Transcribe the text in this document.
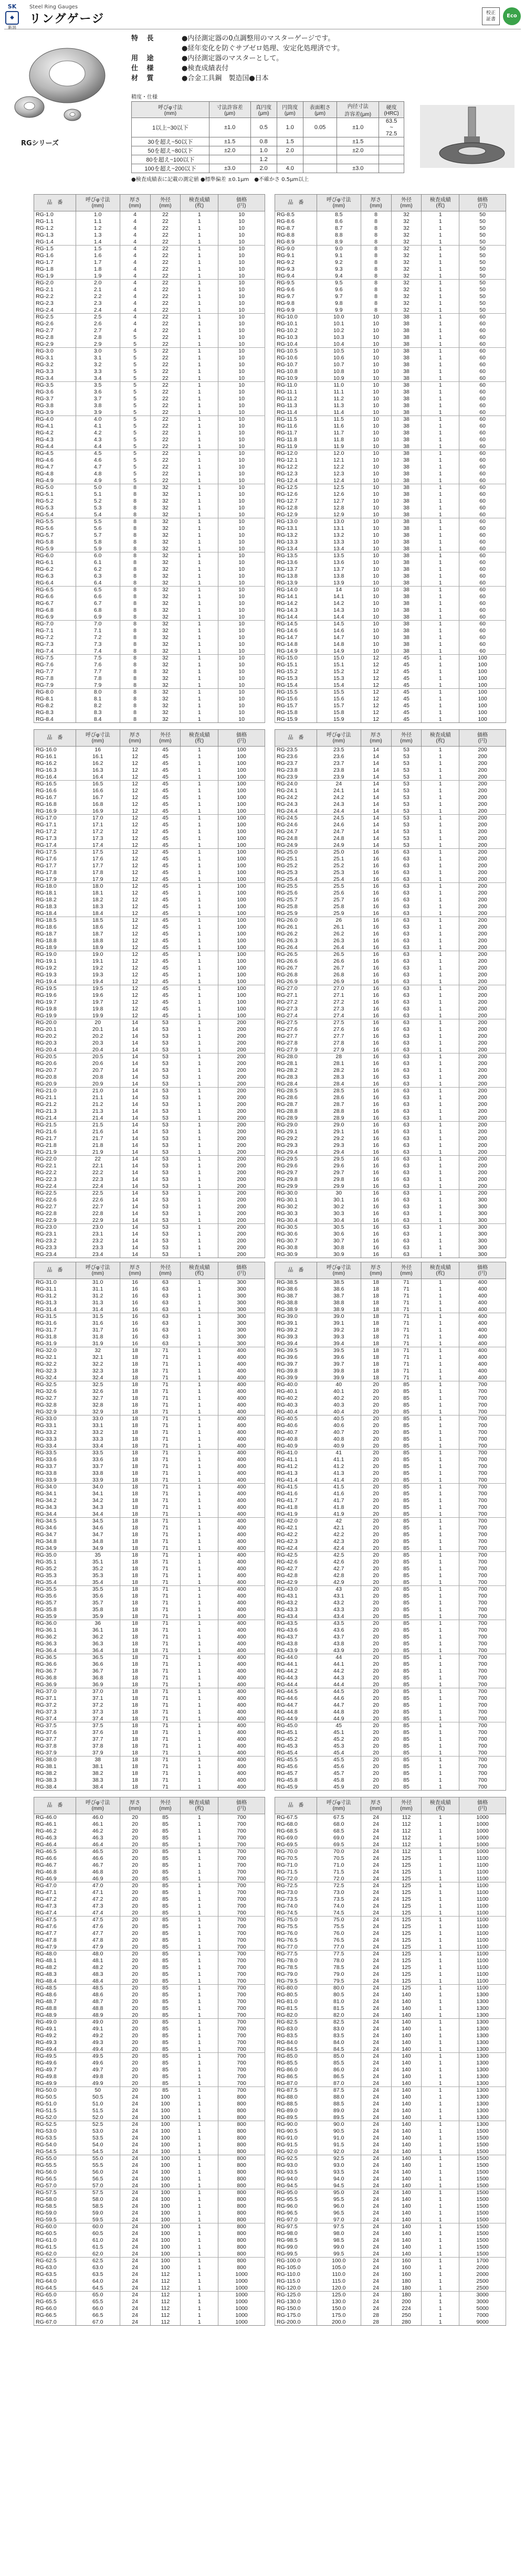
SK
◆
新潟
Steel Ring Gauges
リングゲージ	校正
証書
Eco
RGシリーズ
特 長	●内径測定器の0点調整用のマスターゲージです。
●経年変化を防ぐサブゼロ処理、安定化処理済です。
用 途	●内径測定器のマスターとして。
仕 様	●検査成績表付
材 質	●合金工具鋼　製造国●日本
精度・仕様
呼びφ寸法
(mm)	寸法許容差
(μm)	真円度
(μm)	円筒度
(μm)	表面粗さ
(μm)	内径寸法
許容差(μm)	硬度
(HRC)
1以上~30以下	±1.0	0.5	1.0	0.05	±1.0	63.5
~
72.5
30を超え~50以下	±1.5	0.8	1.5		±1.5	
50を超え~80以下	±2.0	1.0	2.0		±2.0	
80を超え~100以下		1.2				
100を超え~200以下	±3.0	2.0	4.0		±3.0	
●検査成績表に記載の測定値 ●標準偏差 ±0.1μm　●不確かさ 0.5μm以上
品　番	呼びφ寸法
(mm)	厚さ
(mm)	外径
(mm)	検査成績
(枚)	価格
(円)
RG-1.0	1.0	4	22	1	10
RG-1.1	1.1	4	22	1	10
RG-1.2	1.2	4	22	1	10
RG-1.3	1.3	4	22	1	10
RG-1.4	1.4	4	22	1	10
RG-1.5	1.5	4	22	1	10
RG-1.6	1.6	4	22	1	10
RG-1.7	1.7	4	22	1	10
RG-1.8	1.8	4	22	1	10
RG-1.9	1.9	4	22	1	10
RG-2.0	2.0	4	22	1	10
RG-2.1	2.1	4	22	1	10
RG-2.2	2.2	4	22	1	10
RG-2.3	2.3	4	22	1	10
RG-2.4	2.4	4	22	1	10
RG-2.5	2.5	4	22	1	10
RG-2.6	2.6	4	22	1	10
RG-2.7	2.7	4	22	1	10
RG-2.8	2.8	5	22	1	10
RG-2.9	2.9	5	22	1	10
RG-3.0	3.0	5	22	1	10
RG-3.1	3.1	5	22	1	10
RG-3.2	3.2	5	22	1	10
RG-3.3	3.3	5	22	1	10
RG-3.4	3.4	5	22	1	10
RG-3.5	3.5	5	22	1	10
RG-3.6	3.6	5	22	1	10
RG-3.7	3.7	5	22	1	10
RG-3.8	3.8	5	22	1	10
RG-3.9	3.9	5	22	1	10
RG-4.0	4.0	5	22	1	10
RG-4.1	4.1	5	22	1	10
RG-4.2	4.2	5	22	1	10
RG-4.3	4.3	5	22	1	10
RG-4.4	4.4	5	22	1	10
RG-4.5	4.5	5	22	1	10
RG-4.6	4.6	5	22	1	10
RG-4.7	4.7	5	22	1	10
RG-4.8	4.8	5	22	1	10
RG-4.9	4.9	5	22	1	10
RG-5.0	5.0	8	32	1	10
RG-5.1	5.1	8	32	1	10
RG-5.2	5.2	8	32	1	10
RG-5.3	5.3	8	32	1	10
RG-5.4	5.4	8	32	1	10
RG-5.5	5.5	8	32	1	10
RG-5.6	5.6	8	32	1	10
RG-5.7	5.7	8	32	1	10
RG-5.8	5.8	8	32	1	10
RG-5.9	5.9	8	32	1	10
RG-6.0	6.0	8	32	1	10
RG-6.1	6.1	8	32	1	10
RG-6.2	6.2	8	32	1	10
RG-6.3	6.3	8	32	1	10
RG-6.4	6.4	8	32	1	10
RG-6.5	6.5	8	32	1	10
RG-6.6	6.6	8	32	1	10
RG-6.7	6.7	8	32	1	10
RG-6.8	6.8	8	32	1	10
RG-6.9	6.9	8	32	1	10
RG-7.0	7.0	8	32	1	10
RG-7.1	7.1	8	32	1	10
RG-7.2	7.2	8	32	1	10
RG-7.3	7.3	8	32	1	10
RG-7.4	7.4	8	32	1	10
RG-7.5	7.5	8	32	1	10
RG-7.6	7.6	8	32	1	10
RG-7.7	7.7	8	32	1	10
RG-7.8	7.8	8	32	1	10
RG-7.9	7.9	8	32	1	10
RG-8.0	8.0	8	32	1	10
RG-8.1	8.1	8	32	1	10
RG-8.2	8.2	8	32	1	10
RG-8.3	8.3	8	32	1	10
RG-8.4	8.4	8	32	1	10
品　番	呼びφ寸法
(mm)	厚さ
(mm)	外径
(mm)	検査成績
(枚)	価格
(円)
RG-8.5	8.5	8	32	1	50
RG-8.6	8.6	8	32	1	50
RG-8.7	8.7	8	32	1	50
RG-8.8	8.8	8	32	1	50
RG-8.9	8.9	8	32	1	50
RG-9.0	9.0	8	32	1	50
RG-9.1	9.1	8	32	1	50
RG-9.2	9.2	8	32	1	50
RG-9.3	9.3	8	32	1	50
RG-9.4	9.4	8	32	1	50
RG-9.5	9.5	8	32	1	50
RG-9.6	9.6	8	32	1	50
RG-9.7	9.7	8	32	1	50
RG-9.8	9.8	8	32	1	50
RG-9.9	9.9	8	32	1	50
RG-10.0	10.0	10	38	1	60
RG-10.1	10.1	10	38	1	60
RG-10.2	10.2	10	38	1	60
RG-10.3	10.3	10	38	1	60
RG-10.4	10.4	10	38	1	60
RG-10.5	10.5	10	38	1	60
RG-10.6	10.6	10	38	1	60
RG-10.7	10.7	10	38	1	60
RG-10.8	10.8	10	38	1	60
RG-10.9	10.9	10	38	1	60
RG-11.0	11.0	10	38	1	60
RG-11.1	11.1	10	38	1	60
RG-11.2	11.2	10	38	1	60
RG-11.3	11.3	10	38	1	60
RG-11.4	11.4	10	38	1	60
RG-11.5	11.5	10	38	1	60
RG-11.6	11.6	10	38	1	60
RG-11.7	11.7	10	38	1	60
RG-11.8	11.8	10	38	1	60
RG-11.9	11.9	10	38	1	60
RG-12.0	12.0	10	38	1	60
RG-12.1	12.1	10	38	1	60
RG-12.2	12.2	10	38	1	60
RG-12.3	12.3	10	38	1	60
RG-12.4	12.4	10	38	1	60
RG-12.5	12.5	10	38	1	60
RG-12.6	12.6	10	38	1	60
RG-12.7	12.7	10	38	1	60
RG-12.8	12.8	10	38	1	60
RG-12.9	12.9	10	38	1	60
RG-13.0	13.0	10	38	1	60
RG-13.1	13.1	10	38	1	60
RG-13.2	13.2	10	38	1	60
RG-13.3	13.3	10	38	1	60
RG-13.4	13.4	10	38	1	60
RG-13.5	13.5	10	38	1	60
RG-13.6	13.6	10	38	1	60
RG-13.7	13.7	10	38	1	60
RG-13.8	13.8	10	38	1	60
RG-13.9	13.9	10	38	1	60
RG-14.0	14	10	38	1	60
RG-14.1	14.1	10	38	1	60
RG-14.2	14.2	10	38	1	60
RG-14.3	14.3	10	38	1	60
RG-14.4	14.4	10	38	1	60
RG-14.5	14.5	10	38	1	60
RG-14.6	14.6	10	38	1	60
RG-14.7	14.7	10	38	1	60
RG-14.8	14.8	10	38	1	60
RG-14.9	14.9	10	38	1	60
RG-15.0	15.0	12	45	1	100
RG-15.1	15.1	12	45	1	100
RG-15.2	15.2	12	45	1	100
RG-15.3	15.3	12	45	1	100
RG-15.4	15.4	12	45	1	100
RG-15.5	15.5	12	45	1	100
RG-15.6	15.6	12	45	1	100
RG-15.7	15.7	12	45	1	100
RG-15.8	15.8	12	45	1	100
RG-15.9	15.9	12	45	1	100
品　番	呼びφ寸法
(mm)	厚さ
(mm)	外径
(mm)	検査成績
(枚)	価格
(円)
RG-16.0	16	12	45	1	100
RG-16.1	16.1	12	45	1	100
RG-16.2	16.2	12	45	1	100
RG-16.3	16.3	12	45	1	100
RG-16.4	16.4	12	45	1	100
RG-16.5	16.5	12	45	1	100
RG-16.6	16.6	12	45	1	100
RG-16.7	16.7	12	45	1	100
RG-16.8	16.8	12	45	1	100
RG-16.9	16.9	12	45	1	100
RG-17.0	17.0	12	45	1	100
RG-17.1	17.1	12	45	1	100
RG-17.2	17.2	12	45	1	100
RG-17.3	17.3	12	45	1	100
RG-17.4	17.4	12	45	1	100
RG-17.5	17.5	12	45	1	100
RG-17.6	17.6	12	45	1	100
RG-17.7	17.7	12	45	1	100
RG-17.8	17.8	12	45	1	100
RG-17.9	17.9	12	45	1	100
RG-18.0	18.0	12	45	1	100
RG-18.1	18.1	12	45	1	100
RG-18.2	18.2	12	45	1	100
RG-18.3	18.3	12	45	1	100
RG-18.4	18.4	12	45	1	100
RG-18.5	18.5	12	45	1	100
RG-18.6	18.6	12	45	1	100
RG-18.7	18.7	12	45	1	100
RG-18.8	18.8	12	45	1	100
RG-18.9	18.9	12	45	1	100
RG-19.0	19.0	12	45	1	100
RG-19.1	19.1	12	45	1	100
RG-19.2	19.2	12	45	1	100
RG-19.3	19.3	12	45	1	100
RG-19.4	19.4	12	45	1	100
RG-19.5	19.5	12	45	1	100
RG-19.6	19.6	12	45	1	100
RG-19.7	19.7	12	45	1	100
RG-19.8	19.8	12	45	1	100
RG-19.9	19.9	12	45	1	100
RG-20.0	20	14	53	1	200
RG-20.1	20.1	14	53	1	200
RG-20.2	20.2	14	53	1	200
RG-20.3	20.3	14	53	1	200
RG-20.4	20.4	14	53	1	200
RG-20.5	20.5	14	53	1	200
RG-20.6	20.6	14	53	1	200
RG-20.7	20.7	14	53	1	200
RG-20.8	20.8	14	53	1	200
RG-20.9	20.9	14	53	1	200
RG-21.0	21.0	14	53	1	200
RG-21.1	21.1	14	53	1	200
RG-21.2	21.2	14	53	1	200
RG-21.3	21.3	14	53	1	200
RG-21.4	21.4	14	53	1	200
RG-21.5	21.5	14	53	1	200
RG-21.6	21.6	14	53	1	200
RG-21.7	21.7	14	53	1	200
RG-21.8	21.8	14	53	1	200
RG-21.9	21.9	14	53	1	200
RG-22.0	22	14	53	1	200
RG-22.1	22.1	14	53	1	200
RG-22.2	22.2	14	53	1	200
RG-22.3	22.3	14	53	1	200
RG-22.4	22.4	14	53	1	200
RG-22.5	22.5	14	53	1	200
RG-22.6	22.6	14	53	1	200
RG-22.7	22.7	14	53	1	200
RG-22.8	22.8	14	53	1	200
RG-22.9	22.9	14	53	1	200
RG-23.0	23.0	14	53	1	200
RG-23.1	23.1	14	53	1	200
RG-23.2	23.2	14	53	1	200
RG-23.3	23.3	14	53	1	200
RG-23.4	23.4	14	53	1	200
品　番	呼びφ寸法
(mm)	厚さ
(mm)	外径
(mm)	検査成績
(枚)	価格
(円)
RG-23.5	23.5	14	53	1	200
RG-23.6	23.6	14	53	1	200
RG-23.7	23.7	14	53	1	200
RG-23.8	23.8	14	53	1	200
RG-23.9	23.9	14	53	1	200
RG-24.0	24	14	53	1	200
RG-24.1	24.1	14	53	1	200
RG-24.2	24.2	14	53	1	200
RG-24.3	24.3	14	53	1	200
RG-24.4	24.4	14	53	1	200
RG-24.5	24.5	14	53	1	200
RG-24.6	24.6	14	53	1	200
RG-24.7	24.7	14	53	1	200
RG-24.8	24.8	14	53	1	200
RG-24.9	24.9	14	53	1	200
RG-25.0	25.0	16	63	1	200
RG-25.1	25.1	16	63	1	200
RG-25.2	25.2	16	63	1	200
RG-25.3	25.3	16	63	1	200
RG-25.4	25.4	16	63	1	200
RG-25.5	25.5	16	63	1	200
RG-25.6	25.6	16	63	1	200
RG-25.7	25.7	16	63	1	200
RG-25.8	25.8	16	63	1	200
RG-25.9	25.9	16	63	1	200
RG-26.0	26	16	63	1	200
RG-26.1	26.1	16	63	1	200
RG-26.2	26.2	16	63	1	200
RG-26.3	26.3	16	63	1	200
RG-26.4	26.4	16	63	1	200
RG-26.5	26.5	16	63	1	200
RG-26.6	26.6	16	63	1	200
RG-26.7	26.7	16	63	1	200
RG-26.8	26.8	16	63	1	200
RG-26.9	26.9	16	63	1	200
RG-27.0	27.0	16	63	1	200
RG-27.1	27.1	16	63	1	200
RG-27.2	27.2	16	63	1	200
RG-27.3	27.3	16	63	1	200
RG-27.4	27.4	16	63	1	200
RG-27.5	27.5	16	63	1	200
RG-27.6	27.6	16	63	1	200
RG-27.7	27.7	16	63	1	200
RG-27.8	27.8	16	63	1	200
RG-27.9	27.9	16	63	1	200
RG-28.0	28	16	63	1	200
RG-28.1	28.1	16	63	1	200
RG-28.2	28.2	16	63	1	200
RG-28.3	28.3	16	63	1	200
RG-28.4	28.4	16	63	1	200
RG-28.5	28.5	16	63	1	200
RG-28.6	28.6	16	63	1	200
RG-28.7	28.7	16	63	1	200
RG-28.8	28.8	16	63	1	200
RG-28.9	28.9	16	63	1	200
RG-29.0	29.0	16	63	1	200
RG-29.1	29.1	16	63	1	200
RG-29.2	29.2	16	63	1	200
RG-29.3	29.3	16	63	1	200
RG-29.4	29.4	16	63	1	200
RG-29.5	29.5	16	63	1	200
RG-29.6	29.6	16	63	1	200
RG-29.7	29.7	16	63	1	200
RG-29.8	29.8	16	63	1	200
RG-29.9	29.9	16	63	1	200
RG-30.0	30	16	63	1	200
RG-30.1	30.1	16	63	1	300
RG-30.2	30.2	16	63	1	300
RG-30.3	30.3	16	63	1	300
RG-30.4	30.4	16	63	1	300
RG-30.5	30.5	16	63	1	300
RG-30.6	30.6	16	63	1	300
RG-30.7	30.7	16	63	1	300
RG-30.8	30.8	16	63	1	300
RG-30.9	30.9	16	63	1	300
品　番	呼びφ寸法
(mm)	厚さ
(mm)	外径
(mm)	検査成績
(枚)	価格
(円)
RG-31.0	31.0	16	63	1	300
RG-31.1	31.1	16	63	1	300
RG-31.2	31.2	16	63	1	300
RG-31.3	31.3	16	63	1	300
RG-31.4	31.4	16	63	1	300
RG-31.5	31.5	16	63	1	300
RG-31.6	31.6	16	63	1	300
RG-31.7	31.7	16	63	1	300
RG-31.8	31.8	16	63	1	300
RG-31.9	31.9	16	63	1	300
RG-32.0	32	18	71	1	400
RG-32.1	32.1	18	71	1	400
RG-32.2	32.2	18	71	1	400
RG-32.3	32.3	18	71	1	400
RG-32.4	32.4	18	71	1	400
RG-32.5	32.5	18	71	1	400
RG-32.6	32.6	18	71	1	400
RG-32.7	32.7	18	71	1	400
RG-32.8	32.8	18	71	1	400
RG-32.9	32.9	18	71	1	400
RG-33.0	33.0	18	71	1	400
RG-33.1	33.1	18	71	1	400
RG-33.2	33.2	18	71	1	400
RG-33.3	33.3	18	71	1	400
RG-33.4	33.4	18	71	1	400
RG-33.5	33.5	18	71	1	400
RG-33.6	33.6	18	71	1	400
RG-33.7	33.7	18	71	1	400
RG-33.8	33.8	18	71	1	400
RG-33.9	33.9	18	71	1	400
RG-34.0	34.0	18	71	1	400
RG-34.1	34.1	18	71	1	400
RG-34.2	34.2	18	71	1	400
RG-34.3	34.3	18	71	1	400
RG-34.4	34.4	18	71	1	400
RG-34.5	34.5	18	71	1	400
RG-34.6	34.6	18	71	1	400
RG-34.7	34.7	18	71	1	400
RG-34.8	34.8	18	71	1	400
RG-34.9	34.9	18	71	1	400
RG-35.0	35	18	71	1	400
RG-35.1	35.1	18	71	1	400
RG-35.2	35.2	18	71	1	400
RG-35.3	35.3	18	71	1	400
RG-35.4	35.4	18	71	1	400
RG-35.5	35.5	18	71	1	400
RG-35.6	35.6	18	71	1	400
RG-35.7	35.7	18	71	1	400
RG-35.8	35.8	18	71	1	400
RG-35.9	35.9	18	71	1	400
RG-36.0	36	18	71	1	400
RG-36.1	36.1	18	71	1	400
RG-36.2	36.2	18	71	1	400
RG-36.3	36.3	18	71	1	400
RG-36.4	36.4	18	71	1	400
RG-36.5	36.5	18	71	1	400
RG-36.6	36.6	18	71	1	400
RG-36.7	36.7	18	71	1	400
RG-36.8	36.8	18	71	1	400
RG-36.9	36.9	18	71	1	400
RG-37.0	37.0	18	71	1	400
RG-37.1	37.1	18	71	1	400
RG-37.2	37.2	18	71	1	400
RG-37.3	37.3	18	71	1	400
RG-37.4	37.4	18	71	1	400
RG-37.5	37.5	18	71	1	400
RG-37.6	37.6	18	71	1	400
RG-37.7	37.7	18	71	1	400
RG-37.8	37.8	18	71	1	400
RG-37.9	37.9	18	71	1	400
RG-38.0	38	18	71	1	400
RG-38.1	38.1	18	71	1	400
RG-38.2	38.2	18	71	1	400
RG-38.3	38.3	18	71	1	400
RG-38.4	38.4	18	71	1	400
品　番	呼びφ寸法
(mm)	厚さ
(mm)	外径
(mm)	検査成績
(枚)	価格
(円)
RG-38.5	38.5	18	71	1	400
RG-38.6	38.6	18	71	1	400
RG-38.7	38.7	18	71	1	400
RG-38.8	38.8	18	71	1	400
RG-38.9	38.9	18	71	1	400
RG-39.0	39.0	18	71	1	400
RG-39.1	39.1	18	71	1	400
RG-39.2	39.2	18	71	1	400
RG-39.3	39.3	18	71	1	400
RG-39.4	39.4	18	71	1	400
RG-39.5	39.5	18	71	1	400
RG-39.6	39.6	18	71	1	400
RG-39.7	39.7	18	71	1	400
RG-39.8	39.8	18	71	1	400
RG-39.9	39.9	18	71	1	400
RG-40.0	40	20	85	1	700
RG-40.1	40.1	20	85	1	700
RG-40.2	40.2	20	85	1	700
RG-40.3	40.3	20	85	1	700
RG-40.4	40.4	20	85	1	700
RG-40.5	40.5	20	85	1	700
RG-40.6	40.6	20	85	1	700
RG-40.7	40.7	20	85	1	700
RG-40.8	40.8	20	85	1	700
RG-40.9	40.9	20	85	1	700
RG-41.0	41	20	85	1	700
RG-41.1	41.1	20	85	1	700
RG-41.2	41.2	20	85	1	700
RG-41.3	41.3	20	85	1	700
RG-41.4	41.4	20	85	1	700
RG-41.5	41.5	20	85	1	700
RG-41.6	41.6	20	85	1	700
RG-41.7	41.7	20	85	1	700
RG-41.8	41.8	20	85	1	700
RG-41.9	41.9	20	85	1	700
RG-42.0	42	20	85	1	700
RG-42.1	42.1	20	85	1	700
RG-42.2	42.2	20	85	1	700
RG-42.3	42.3	20	85	1	700
RG-42.4	42.4	20	85	1	700
RG-42.5	42.5	20	85	1	700
RG-42.6	42.6	20	85	1	700
RG-42.7	42.7	20	85	1	700
RG-42.8	42.8	20	85	1	700
RG-42.9	42.9	20	85	1	700
RG-43.0	43	20	85	1	700
RG-43.1	43.1	20	85	1	700
RG-43.2	43.2	20	85	1	700
RG-43.3	43.3	20	85	1	700
RG-43.4	43.4	20	85	1	700
RG-43.5	43.5	20	85	1	700
RG-43.6	43.6	20	85	1	700
RG-43.7	43.7	20	85	1	700
RG-43.8	43.8	20	85	1	700
RG-43.9	43.9	20	85	1	700
RG-44.0	44	20	85	1	700
RG-44.1	44.1	20	85	1	700
RG-44.2	44.2	20	85	1	700
RG-44.3	44.3	20	85	1	700
RG-44.4	44.4	20	85	1	700
RG-44.5	44.5	20	85	1	700
RG-44.6	44.6	20	85	1	700
RG-44.7	44.7	20	85	1	700
RG-44.8	44.8	20	85	1	700
RG-44.9	44.9	20	85	1	700
RG-45.0	45	20	85	1	700
RG-45.1	45.1	20	85	1	700
RG-45.2	45.2	20	85	1	700
RG-45.3	45.3	20	85	1	700
RG-45.4	45.4	20	85	1	700
RG-45.5	45.5	20	85	1	700
RG-45.6	45.6	20	85	1	700
RG-45.7	45.7	20	85	1	700
RG-45.8	45.8	20	85	1	700
RG-45.9	45.9	20	85	1	700
品　番	呼びφ寸法
(mm)	厚さ
(mm)	外径
(mm)	検査成績
(枚)	価格
(円)
RG-46.0	46.0	20	85	1	700
RG-46.1	46.1	20	85	1	700
RG-46.2	46.2	20	85	1	700
RG-46.3	46.3	20	85	1	700
RG-46.4	46.4	20	85	1	700
RG-46.5	46.5	20	85	1	700
RG-46.6	46.6	20	85	1	700
RG-46.7	46.7	20	85	1	700
RG-46.8	46.8	20	85	1	700
RG-46.9	46.9	20	85	1	700
RG-47.0	47.0	20	85	1	700
RG-47.1	47.1	20	85	1	700
RG-47.2	47.2	20	85	1	700
RG-47.3	47.3	20	85	1	700
RG-47.4	47.4	20	85	1	700
RG-47.5	47.5	20	85	1	700
RG-47.6	47.6	20	85	1	700
RG-47.7	47.7	20	85	1	700
RG-47.8	47.8	20	85	1	700
RG-47.9	47.9	20	85	1	700
RG-48.0	48.0	20	85	1	700
RG-48.1	48.1	20	85	1	700
RG-48.2	48.2	20	85	1	700
RG-48.3	48.3	20	85	1	700
RG-48.4	48.4	20	85	1	700
RG-48.5	48.5	20	85	1	700
RG-48.6	48.6	20	85	1	700
RG-48.7	48.7	20	85	1	700
RG-48.8	48.8	20	85	1	700
RG-48.9	48.9	20	85	1	700
RG-49.0	49.0	20	85	1	700
RG-49.1	49.1	20	85	1	700
RG-49.2	49.2	20	85	1	700
RG-49.3	49.3	20	85	1	700
RG-49.4	49.4	20	85	1	700
RG-49.5	49.5	20	85	1	700
RG-49.6	49.6	20	85	1	700
RG-49.7	49.7	20	85	1	700
RG-49.8	49.8	20	85	1	700
RG-49.9	49.9	20	85	1	700
RG-50.0	50	20	85	1	700
RG-50.5	50.5	24	100	1	800
RG-51.0	51.0	24	100	1	800
RG-51.5	51.5	24	100	1	800
RG-52.0	52.0	24	100	1	800
RG-52.5	52.5	24	100	1	800
RG-53.0	53.0	24	100	1	800
RG-53.5	53.5	24	100	1	800
RG-54.0	54.0	24	100	1	800
RG-54.5	54.5	24	100	1	800
RG-55.0	55.0	24	100	1	800
RG-55.5	55.5	24	100	1	800
RG-56.0	56.0	24	100	1	800
RG-56.5	56.5	24	100	1	800
RG-57.0	57.0	24	100	1	800
RG-57.5	57.5	24	100	1	800
RG-58.0	58.0	24	100	1	800
RG-58.5	58.5	24	100	1	800
RG-59.0	59.0	24	100	1	800
RG-59.5	59.5	24	100	1	800
RG-60.0	60.0	24	100	1	800
RG-60.5	60.5	24	100	1	800
RG-61.0	61.0	24	100	1	800
RG-61.5	61.5	24	100	1	800
RG-62.0	62.0	24	100	1	800
RG-62.5	62.5	24	100	1	800
RG-63.0	63.0	24	100	1	800
RG-63.5	63.5	24	112	1	1000
RG-64.0	64.0	24	112	1	1000
RG-64.5	64.5	24	112	1	1000
RG-65.0	65.0	24	112	1	1000
RG-65.5	65.5	24	112	1	1000
RG-66.0	66.0	24	112	1	1000
RG-66.5	66.5	24	112	1	1000
RG-67.0	67.0	24	112	1	1000
品　番	呼びφ寸法
(mm)	厚さ
(mm)	外径
(mm)	検査成績
(枚)	価格
(円)
RG-67.5	67.5	24	112	1	1000
RG-68.0	68.0	24	112	1	1000
RG-68.5	68.5	24	112	1	1000
RG-69.0	69.0	24	112	1	1000
RG-69.5	69.5	24	112	1	1000
RG-70.0	70.0	24	112	1	1000
RG-70.5	70.5	24	125	1	1100
RG-71.0	71.0	24	125	1	1100
RG-71.5	71.5	24	125	1	1100
RG-72.0	72.0	24	125	1	1100
RG-72.5	72.5	24	125	1	1100
RG-73.0	73.0	24	125	1	1100
RG-73.5	73.5	24	125	1	1100
RG-74.0	74.0	24	125	1	1100
RG-74.5	74.5	24	125	1	1100
RG-75.0	75.0	24	125	1	1100
RG-75.5	75.5	24	125	1	1100
RG-76.0	76.0	24	125	1	1100
RG-76.5	76.5	24	125	1	1100
RG-77.0	77.0	24	125	1	1100
RG-77.5	77.5	24	125	1	1100
RG-78.0	78.0	24	125	1	1100
RG-78.5	78.5	24	125	1	1100
RG-79.0	79.0	24	125	1	1100
RG-79.5	79.5	24	125	1	1100
RG-80.0	80.0	24	125	1	1100
RG-80.5	80.5	24	140	1	1300
RG-81.0	81.0	24	140	1	1300
RG-81.5	81.5	24	140	1	1300
RG-82.0	82.0	24	140	1	1300
RG-82.5	82.5	24	140	1	1300
RG-83.0	83.0	24	140	1	1300
RG-83.5	83.5	24	140	1	1300
RG-84.0	84.0	24	140	1	1300
RG-84.5	84.5	24	140	1	1300
RG-85.0	85.0	24	140	1	1300
RG-85.5	85.5	24	140	1	1300
RG-86.0	86.0	24	140	1	1300
RG-86.5	86.5	24	140	1	1300
RG-87.0	87.0	24	140	1	1300
RG-87.5	87.5	24	140	1	1300
RG-88.0	88.0	24	140	1	1300
RG-88.5	88.5	24	140	1	1300
RG-89.0	89.0	24	140	1	1300
RG-89.5	89.5	24	140	1	1300
RG-90.0	90.0	24	140	1	1300
RG-90.5	90.5	24	140	1	1500
RG-91.0	91.0	24	140	1	1500
RG-91.5	91.5	24	140	1	1500
RG-92.0	92.0	24	140	1	1500
RG-92.5	92.5	24	140	1	1500
RG-93.0	93.0	24	140	1	1500
RG-93.5	93.5	24	140	1	1500
RG-94.0	94.0	24	140	1	1500
RG-94.5	94.5	24	140	1	1500
RG-95.0	95.0	24	140	1	1500
RG-95.5	95.5	24	140	1	1500
RG-96.0	96.0	24	140	1	1500
RG-96.5	96.5	24	140	1	1500
RG-97.0	97.0	24	140	1	1500
RG-97.5	97.5	24	140	1	1500
RG-98.0	98.0	24	140	1	1500
RG-98.5	98.5	24	140	1	1500
RG-99.0	99.0	24	140	1	1500
RG-99.5	99.5	24	140	1	1500
RG-100.0	100.0	24	160	1	1700
RG-105.0	105.0	24	160	1	2000
RG-110.0	110.0	24	160	1	2000
RG-115.0	115.0	24	180	1	2500
RG-120.0	120.0	24	180	1	2500
RG-125.0	125.0	24	180	1	3000
RG-130.0	130.0	24	200	1	3000
RG-150.0	150.0	24	224	1	5000
RG-175.0	175.0	28	250	1	7000
RG-200.0	200.0	28	280	1	9000
